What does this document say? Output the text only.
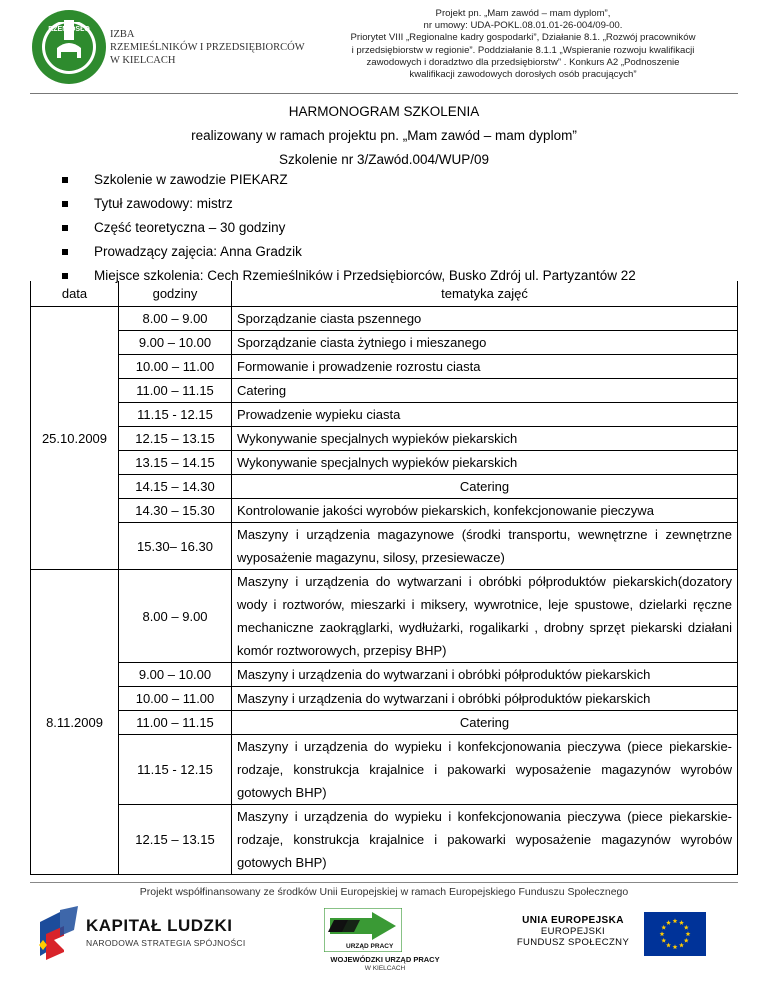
RZEMIOSŁO IZBA
RZEMIEŚLNIKÓW I PRZEDSIĘBIORCÓW
W KIELCACH
Projekt pn. „Mam zawód – mam dyplom”,
nr umowy: UDA-POKL.08.01.01-26-004/09-00.
Priorytet VIII „Regionalne kadry gospodarki”, Działanie 8.1. „Rozwój pracowników
i przedsiębiorstw w regionie”. Poddziałanie 8.1.1 „Wspieranie rozwoju kwalifikacji
zawodowych i doradztwo dla przedsiębiorstw” . Konkurs A2 „Podnoszenie
kwalifikacji zawodowych dorosłych osób pracujących”
HARMONOGRAM SZKOLENIA
realizowany w ramach projektu pn. „Mam zawód – mam dyplom”
Szkolenie nr 3/Zawód.004/WUP/09
Szkolenie w zawodzie PIEKARZ
Tytuł zawodowy: mistrz
Część teoretyczna – 30 godziny
Prowadzący zajęcia: Anna Gradzik
Miejsce szkolenia: Cech Rzemieślników i Przedsiębiorców, Busko Zdrój ul. Partyzantów 22
data	godziny	tematyka zajęć
25.10.2009	8.00 – 9.00	Sporządzanie ciasta pszennego
	9.00 – 10.00	Sporządzanie ciasta żytniego i mieszanego
	10.00 – 11.00	Formowanie i prowadzenie rozrostu ciasta
	11.00 – 11.15	Catering
	11.15 - 12.15	Prowadzenie wypieku ciasta
	12.15 – 13.15	Wykonywanie specjalnych wypieków piekarskich
	13.15 – 14.15	Wykonywanie specjalnych wypieków piekarskich
	14.15 – 14.30	Catering
	14.30 – 15.30	Kontrolowanie jakości wyrobów piekarskich, konfekcjonowanie pieczywa
	15.30– 16.30	Maszyny i urządzenia magazynowe (środki transportu, wewnętrzne i zewnętrzne wyposażenie magazynu, silosy, przesiewacze)
8.11.2009	8.00 – 9.00	Maszyny i urządzenia do wytwarzani i obróbki półproduktów piekarskich(dozatory wody i roztworów, mieszarki i miksery, wywrotnice, leje spustowe, dzielarki ręczne mechaniczne zaokrąglarki, wydłużarki, rogalikarki , drobny sprzęt piekarski działani komór roztworowych, przepisy BHP)
	9.00 – 10.00	Maszyny i urządzenia do wytwarzani i obróbki półproduktów piekarskich
	10.00 – 11.00	Maszyny i urządzenia do wytwarzani i obróbki półproduktów piekarskich
	11.00 – 11.15	Catering
	11.15 - 12.15	Maszyny i urządzenia do wypieku i konfekcjonowania pieczywa (piece piekarskie-rodzaje, konstrukcja krajalnice i pakowarki wyposażenie magazynów wyrobów gotowych BHP)
	12.15 – 13.15	Maszyny i urządzenia do wypieku i konfekcjonowania pieczywa (piece piekarskie-rodzaje, konstrukcja krajalnice i pakowarki wyposażenie magazynów wyrobów gotowych BHP)
Projekt współfinansowany ze środków Unii Europejskiej w ramach Europejskiego Funduszu Społecznego
KAPITAŁ LUDZKI
NARODOWA STRATEGIA SPÓJNOŚCI	URZĄD PRACY
WOJEWÓDZKI URZĄD PRACY
W KIELCACH
UNIA EUROPEJSKA
EUROPEJSKI
FUNDUSZ SPOŁECZNY
